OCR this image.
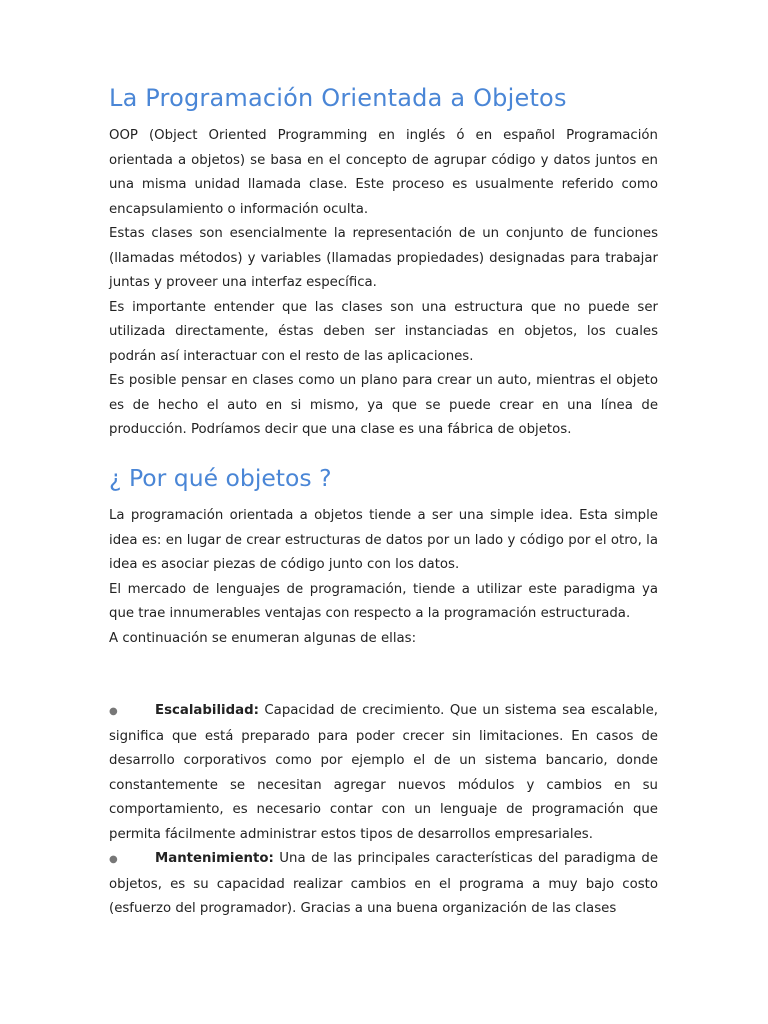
La Programación Orientada a Objetos

OOP (Object Oriented Programming en inglés ó en español Programación orientada a objetos) se basa en el concepto de agrupar código y datos juntos en una misma unidad llamada clase. Este proceso es usualmente referido como encapsulamiento o información oculta.

Estas clases son esencialmente la representación de un conjunto de funciones (llamadas métodos) y variables (llamadas propiedades) designadas para trabajar juntas y proveer una interfaz específica.

Es importante entender que las clases son una estructura que no puede ser utilizada directamente, éstas deben ser instanciadas en objetos, los cuales podrán así interactuar con el resto de las aplicaciones.

Es posible pensar en clases como un plano para crear un auto, mientras el objeto es de hecho el auto en si mismo, ya que se puede crear en una línea de producción. Podríamos decir que una clase es una fábrica de objetos.

¿ Por qué objetos ?

La programación orientada a objetos tiende a ser una simple idea. Esta simple idea es: en lugar de crear estructuras de datos por un lado y código por el otro, la idea es asociar piezas de código junto con los datos.

El mercado de lenguajes de programación, tiende a utilizar este paradigma ya que trae innumerables ventajas con respecto a la programación estructurada.

A continuación se enumeran algunas de ellas:

●	Escalabilidad: Capacidad de crecimiento. Que un sistema sea escalable, significa que está preparado para poder crecer sin limitaciones. En casos de desarrollo corporativos como por ejemplo el de un sistema bancario, donde constantemente se necesitan agregar nuevos módulos y cambios en su comportamiento, es necesario contar con un lenguaje de programación que permita fácilmente administrar estos tipos de desarrollos empresariales.

●	Mantenimiento: Una de las principales características del paradigma de objetos, es su capacidad realizar cambios en el programa a muy bajo costo (esfuerzo del programador). Gracias a una buena organización de las clases
